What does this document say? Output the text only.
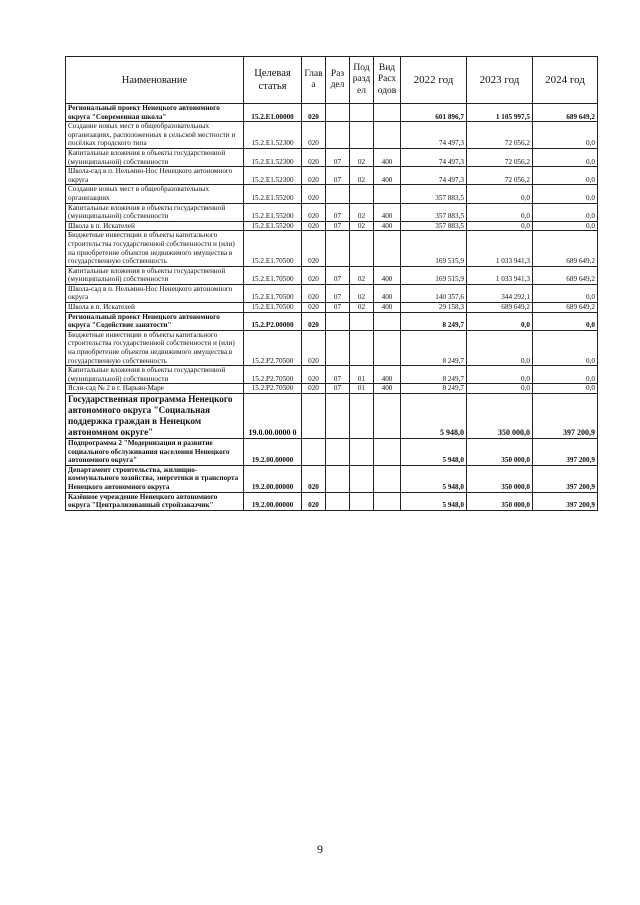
Наименование	Целевая статья	Глав а	Раз дел	Под разд ел	Вид Расх одов	2022 год	2023 год	2024 год
Региональный проект Ненецкого автономного округа "Современная школа"	15.2.Е1.00000	020				601 896,7	1 105 997,5	689 649,2
Создание новых мест в общеобразовательных организациях, расположенных в сельской местности и посёлках городского типа	15.2.Е1.52300	020				74 497,3	72 056,2	0,0
Капитальные вложения в объекты государственной (муниципальной) собственности	15.2.Е1.52300	020	07	02	400	74 497,3	72 056,2	0,0
Школа-сад в п. Нельмин-Нос Ненецкого автономного округа	15.2.Е1.52300	020	07	02	400	74 497,3	72 056,2	0,0
Создание новых мест в общеобразовательных организациях	15.2.Е1.55200	020				357 883,5	0,0	0,0
Капитальные вложения в объекты государственной (муниципальной) собственности	15.2.Е1.55200	020	07	02	400	357 883,5	0,0	0,0
Школа в п. Искателей	15.2.Е1.55200	020	07	02	400	357 883,5	0,0	0,0
Бюджетные инвестиции в объекты капитального строительства государственной собственности и (или) на приобретение объектов недвижимого имущества в государственную собственность	15.2.Е1.70500	020				169 515,9	1 033 941,3	689 649,2
Капитальные вложения в объекты государственной (муниципальной) собственности	15.2.Е1.70500	020	07	02	400	169 515,9	1 033 941,3	689 649,2
Школа-сад в п. Нельмин-Нос Ненецкого автономного округа	15.2.Е1.70500	020	07	02	400	140 357,6	344 292,1	0,0
Школа в п. Искателей	15.2.Е1.70500	020	07	02	400	29 158,3	689 649,2	689 649,2
Региональный проект Ненецкого автономного округа "Содействие занятости"	15.2.Р2.00000	020				8 249,7	0,0	0,0
Бюджетные инвестиции в объекты капитального строительства государственной собственности и (или) на приобретение объектов недвижимого имущества в государственную собственность	15.2.Р2.70500	020				8 249,7	0,0	0,0
Капитальные вложения в объекты государственной (муниципальной) собственности	15.2.Р2.70500	020	07	01	400	8 249,7	0,0	0,0
Ясли-сад № 2 в г. Нарьян-Маре	15.2.Р2.70500	020	07	01	400	8 249,7	0,0	0,0
Государственная программа Ненецкого автономного округа "Социальная поддержка граждан в Ненецком автономном округе"	19.0.00.0000 0					5 948,0	350 000,0	397 200,9
Подпрограмма 2 "Модернизация и развитие социального обслуживания населения Ненецкого автономного округа"	19.2.00.00000					5 948,0	350 000,0	397 200,9
Департамент строительства, жилищно-коммунального хозяйства, энергетики и транспорта Ненецкого автономного округа	19.2.00.00000	020				5 948,0	350 000,0	397 200,9
Казённое учреждение Ненецкого автономного округа "Централизованный стройзаказчик"	19.2.00.00000	020				5 948,0	350 000,0	397 200,9
9
